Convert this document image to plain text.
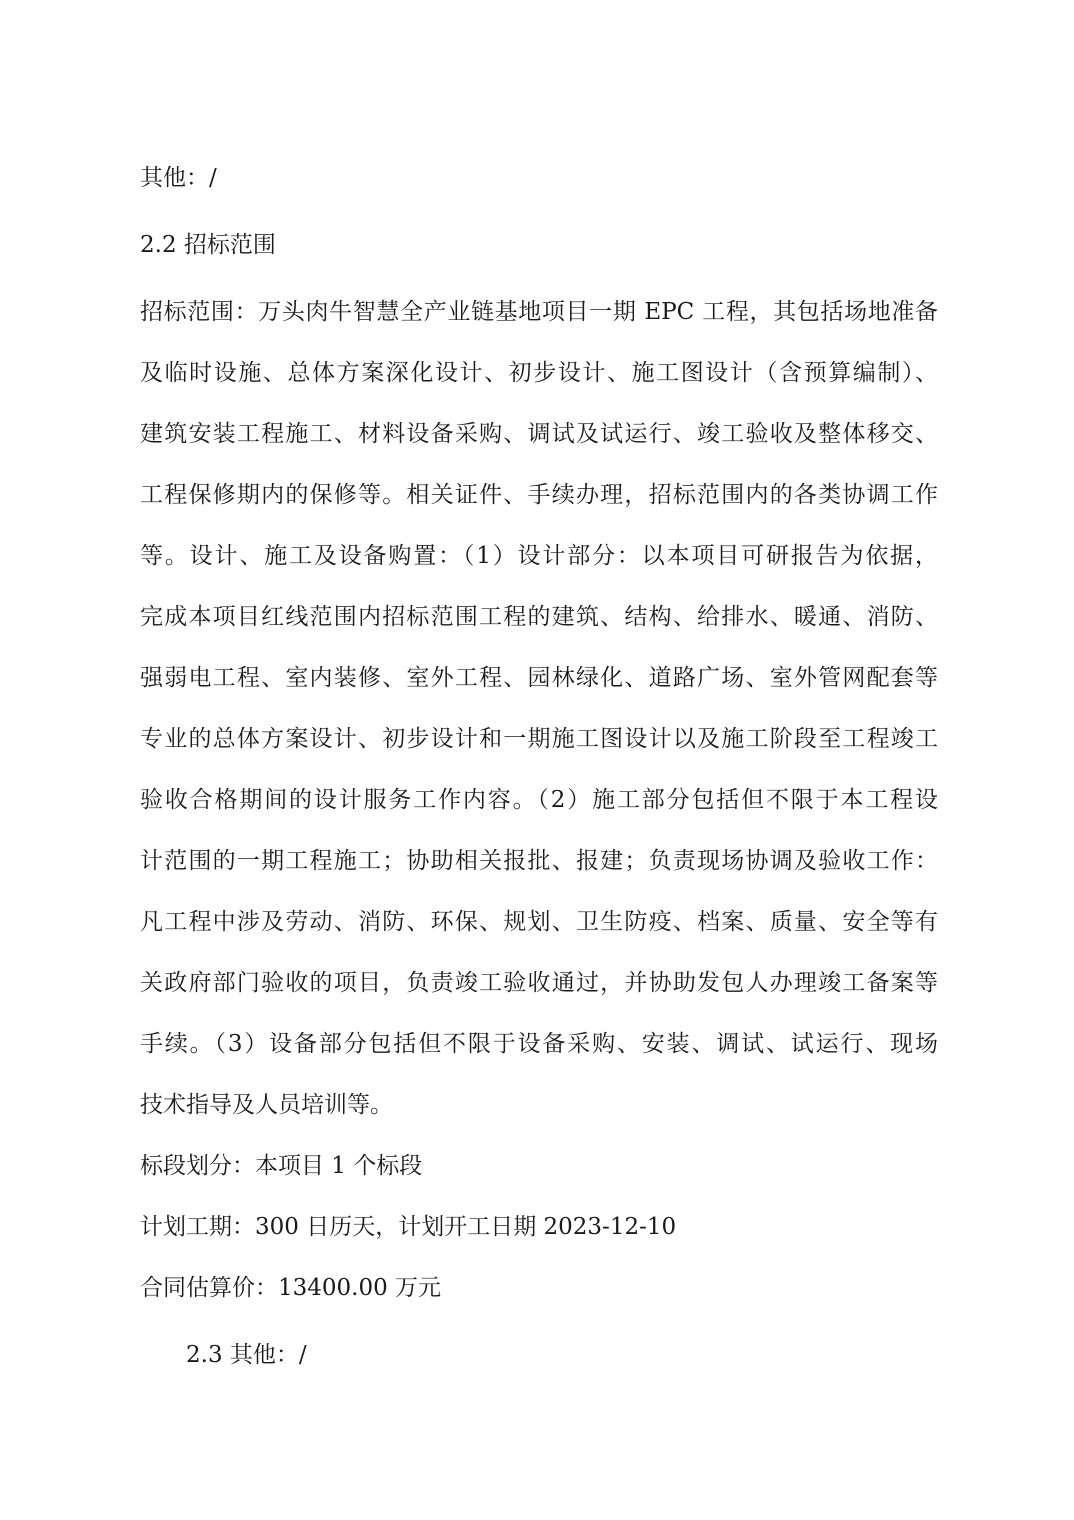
其他：/
2.2 招标范围
招标范围：万头肉牛智慧全产业链基地项目一期 EPC 工程，其包括场地准备
及临时设施、总体方案深化设计、初步设计、施工图设计（含预算编制）、
建筑安装工程施工、材料设备采购、调试及试运行、竣工验收及整体移交、
工程保修期内的保修等。相关证件、手续办理，招标范围内的各类协调工作
等。设计、施工及设备购置：（1）设计部分：以本项目可研报告为依据，
完成本项目红线范围内招标范围工程的建筑、结构、给排水、暖通、消防、
强弱电工程、室内装修、室外工程、园林绿化、道路广场、室外管网配套等
专业的总体方案设计、初步设计和一期施工图设计以及施工阶段至工程竣工
验收合格期间的设计服务工作内容。（2）施工部分包括但不限于本工程设
计范围的一期工程施工；协助相关报批、报建；负责现场协调及验收工作：
凡工程中涉及劳动、消防、环保、规划、卫生防疫、档案、质量、安全等有
关政府部门验收的项目，负责竣工验收通过，并协助发包人办理竣工备案等
手续。（3）设备部分包括但不限于设备采购、安装、调试、试运行、现场
技术指导及人员培训等。
标段划分：本项目 1 个标段
计划工期：300 日历天，计划开工日期 2023-12-10
合同估算价：13400.00 万元
2.3 其他：/
